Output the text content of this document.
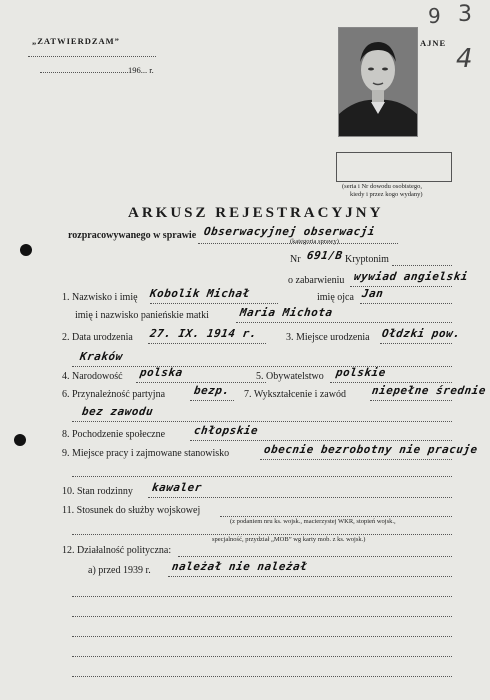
„ZATWIERDZAM”
196... r.
AJNE
9 3
4
(seria i Nr dowodu osobistego,
kiedy i przez kogo wydany)
ARKUSZ REJESTRACYJNY
rozpracowywanego w sprawie Obserwacyjnej obserwacji
(kategoria sprawy)
Nr 691/B Kryptonim
o zabarwieniu wywiad angielski
1. Nazwisko i imię Kobolik Michał	imię ojca Jan
imię i nazwisko panieńskie matki	Maria Michota
2. Data urodzenia 27. IX. 1914 r.	3. Miejsce urodzenia Ołdzki pow.
Kraków
4. Narodowość polska	5. Obywatelstwo polskie
6. Przynależność partyjna	bezp. 7. Wykształcenie i zawód niepełne średnie
bez zawodu
8. Pochodzenie społeczne	chłopskie
9. Miejsce pracy i zajmowane stanowisko	obecnie bezrobotny nie pracuje
10. Stan rodzinny kawaler
11. Stosunek do służby wojskowej
(z podaniem nru ks. wojsk., macierzystej WKR, stopień wojsk.,
specjalność, przydział „MOB” wg karty mob. z ks. wojsk.)
12. Działalność polityczna:
a) przed 1939 r. należał nie należał
